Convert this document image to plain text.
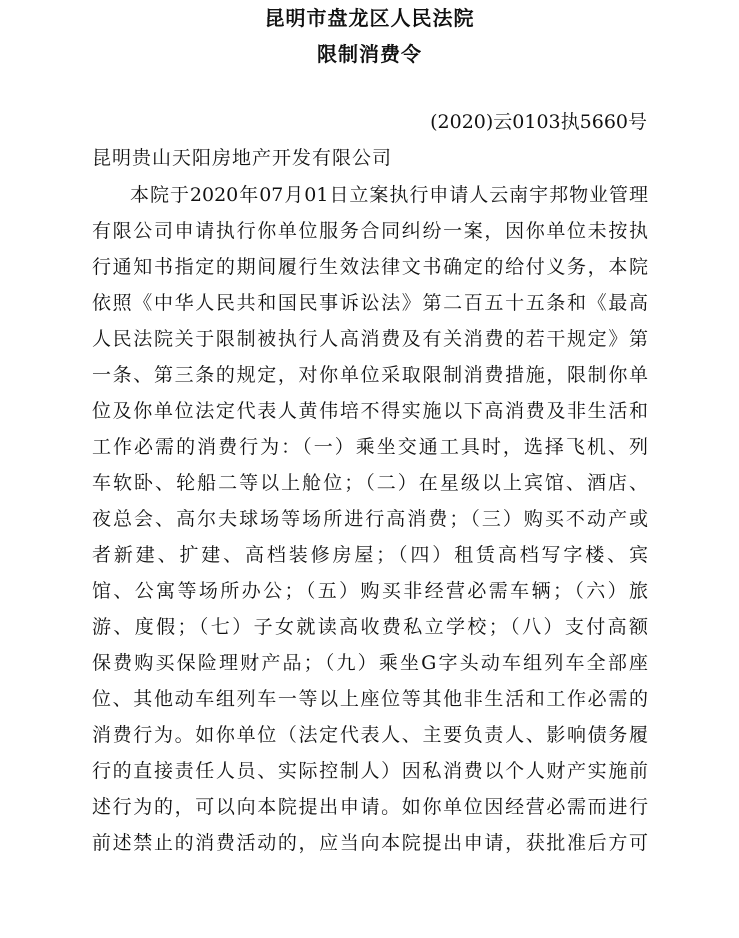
昆明市盘龙区人民法院
限制消费令
(2020)云0103执5660号
昆明贵山天阳房地产开发有限公司
本院于2020年07月01日立案执行申请人云南宇邦物业管理
有限公司申请执行你单位服务合同纠纷一案，因你单位未按执
行通知书指定的期间履行生效法律文书确定的给付义务，本院
依照《中华人民共和国民事诉讼法》第二百五十五条和《最高
人民法院关于限制被执行人高消费及有关消费的若干规定》第
一条、第三条的规定，对你单位采取限制消费措施，限制你单
位及你单位法定代表人黄伟培不得实施以下高消费及非生活和
工作必需的消费行为：（一）乘坐交通工具时，选择飞机、列
车软卧、轮船二等以上舱位；（二）在星级以上宾馆、酒店、
夜总会、高尔夫球场等场所进行高消费；（三）购买不动产或
者新建、扩建、高档装修房屋；（四）租赁高档写字楼、宾
馆、公寓等场所办公；（五）购买非经营必需车辆；（六）旅
游、度假；（七）子女就读高收费私立学校；（八）支付高额
保费购买保险理财产品；（九）乘坐G字头动车组列车全部座
位、其他动车组列车一等以上座位等其他非生活和工作必需的
消费行为。如你单位（法定代表人、主要负责人、影响债务履
行的直接责任人员、实际控制人）因私消费以个人财产实施前
述行为的，可以向本院提出申请。如你单位因经营必需而进行
前述禁止的消费活动的，应当向本院提出申请，获批准后方可
